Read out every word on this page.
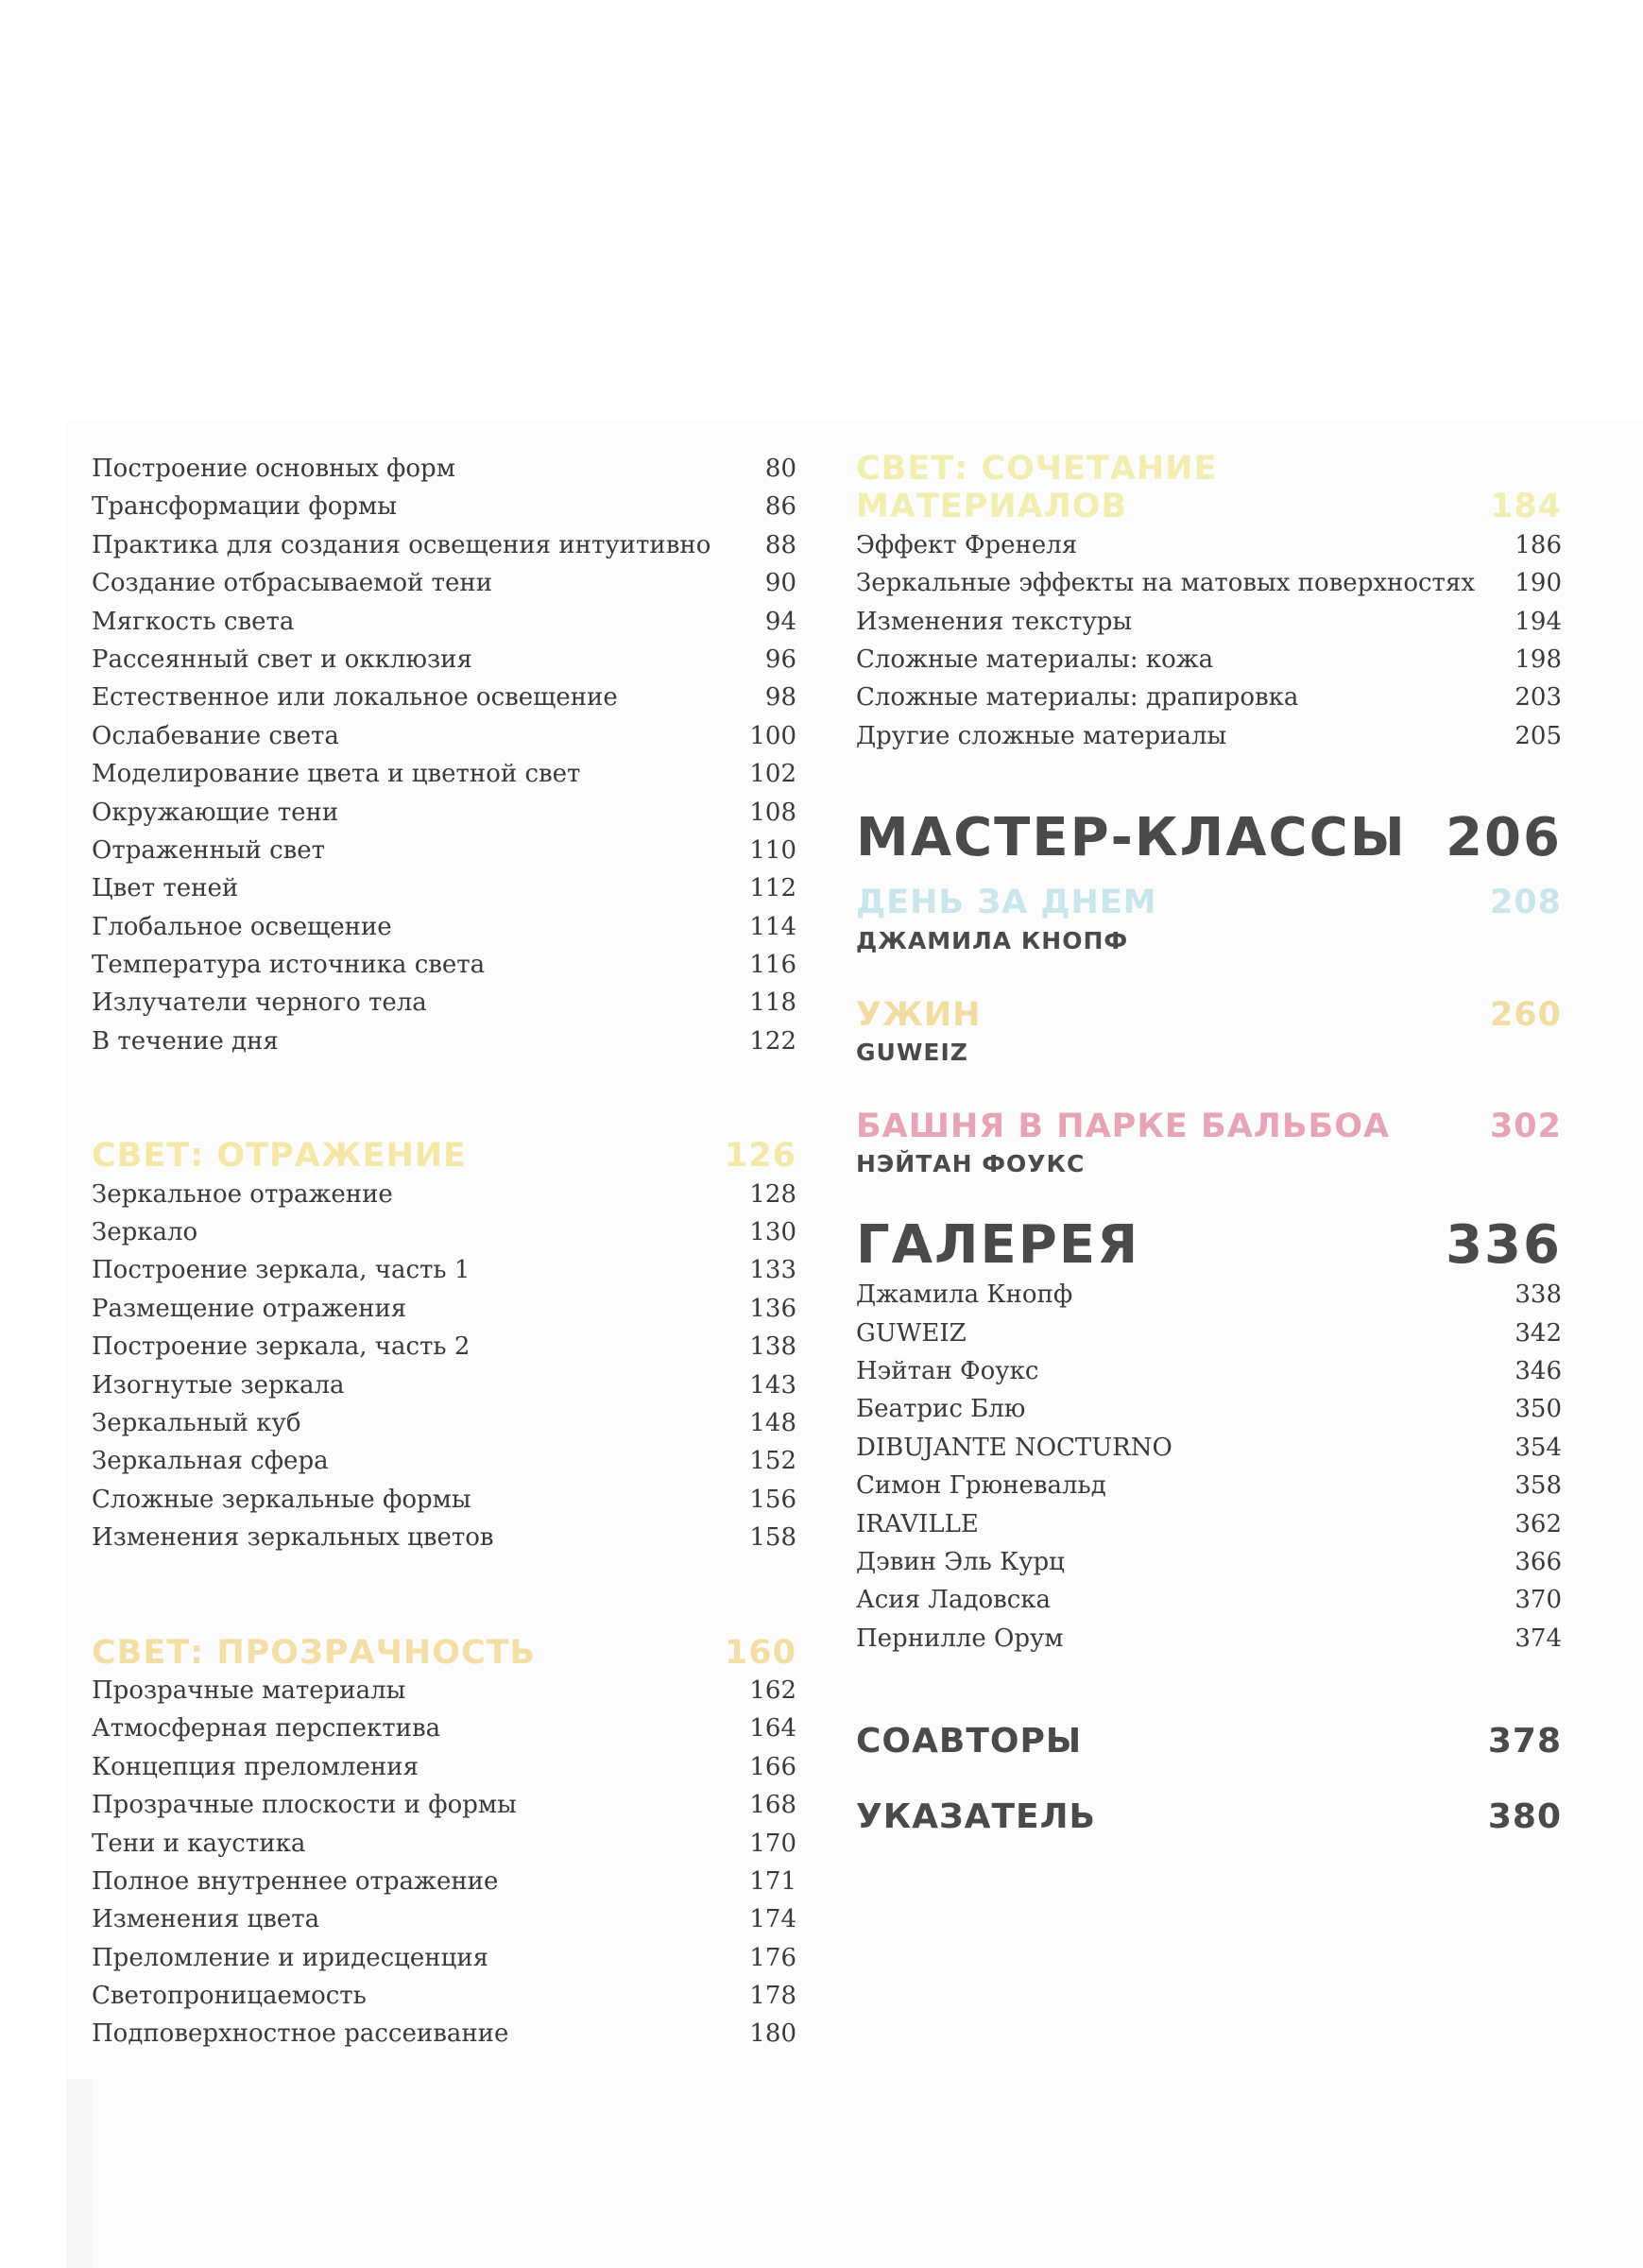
Построение основных форм	80
Трансформации формы	86
Практика для создания освещения интуитивно 88
Создание отбрасываемой тени	90
Мягкость света	94
Рассеянный свет и окклюзия	96
Естественное или локальное освещение	98
Ослабевание света	100
Моделирование цвета и цветной свет	102
Окружающие тени	108
Отраженный свет	110
Цвет теней	112
Глобальное освещение	114
Температура источника света	116
Излучатели черного тела	118
В течение дня	122
СВЕТ: ОТРАЖЕНИЕ	126
Зеркальное отражение	128
Зеркало	130
Построение зеркала, часть 1	133
Размещение отражения	136
Построение зеркала, часть 2	138
Изогнутые зеркала	143
Зеркальный куб	148
Зеркальная сфера	152
Сложные зеркальные формы	156
Изменения зеркальных цветов	158
СВЕТ: ПРОЗРАЧНОСТЬ	160
Прозрачные материалы	162
Атмосферная перспектива	164
Концепция преломления	166
Прозрачные плоскости и формы	168
Тени и каустика	170
Полное внутреннее отражение	171
Изменения цвета	174
Преломление и иридесценция	176
Светопроницаемость	178
Подповерхностное рассеивание	180
СВЕТ: СОЧЕТАНИЕ
МАТЕРИАЛОВ	184
Эффект Френеля	186
Зеркальные эффекты на матовых поверхностях 190
Изменения текстуры	194
Сложные материалы: кожа	198
Сложные материалы: драпировка	203
Другие сложные материалы	205
МАСТЕР-КЛАССЫ 206
ДЕНЬ ЗА ДНЕМ	208
ДЖАМИЛА КНОПФ
УЖИН	260
GUWEIZ
БАШНЯ В ПАРКЕ БАЛЬБОА	302
НЭЙТАН ФОУКС
ГАЛЕРЕЯ	336
Джамила Кнопф	338
GUWEIZ	342
Нэйтан Фоукс	346
Беатрис Блю	350
DIBUJANTE NOCTURNO	354
Симон Грюневальд	358
IRAVILLE	362
Дэвин Эль Курц	366
Асия Ладовска	370
Пернилле Орум	374
СОАВТОРЫ	378
УКАЗАТЕЛЬ	380
